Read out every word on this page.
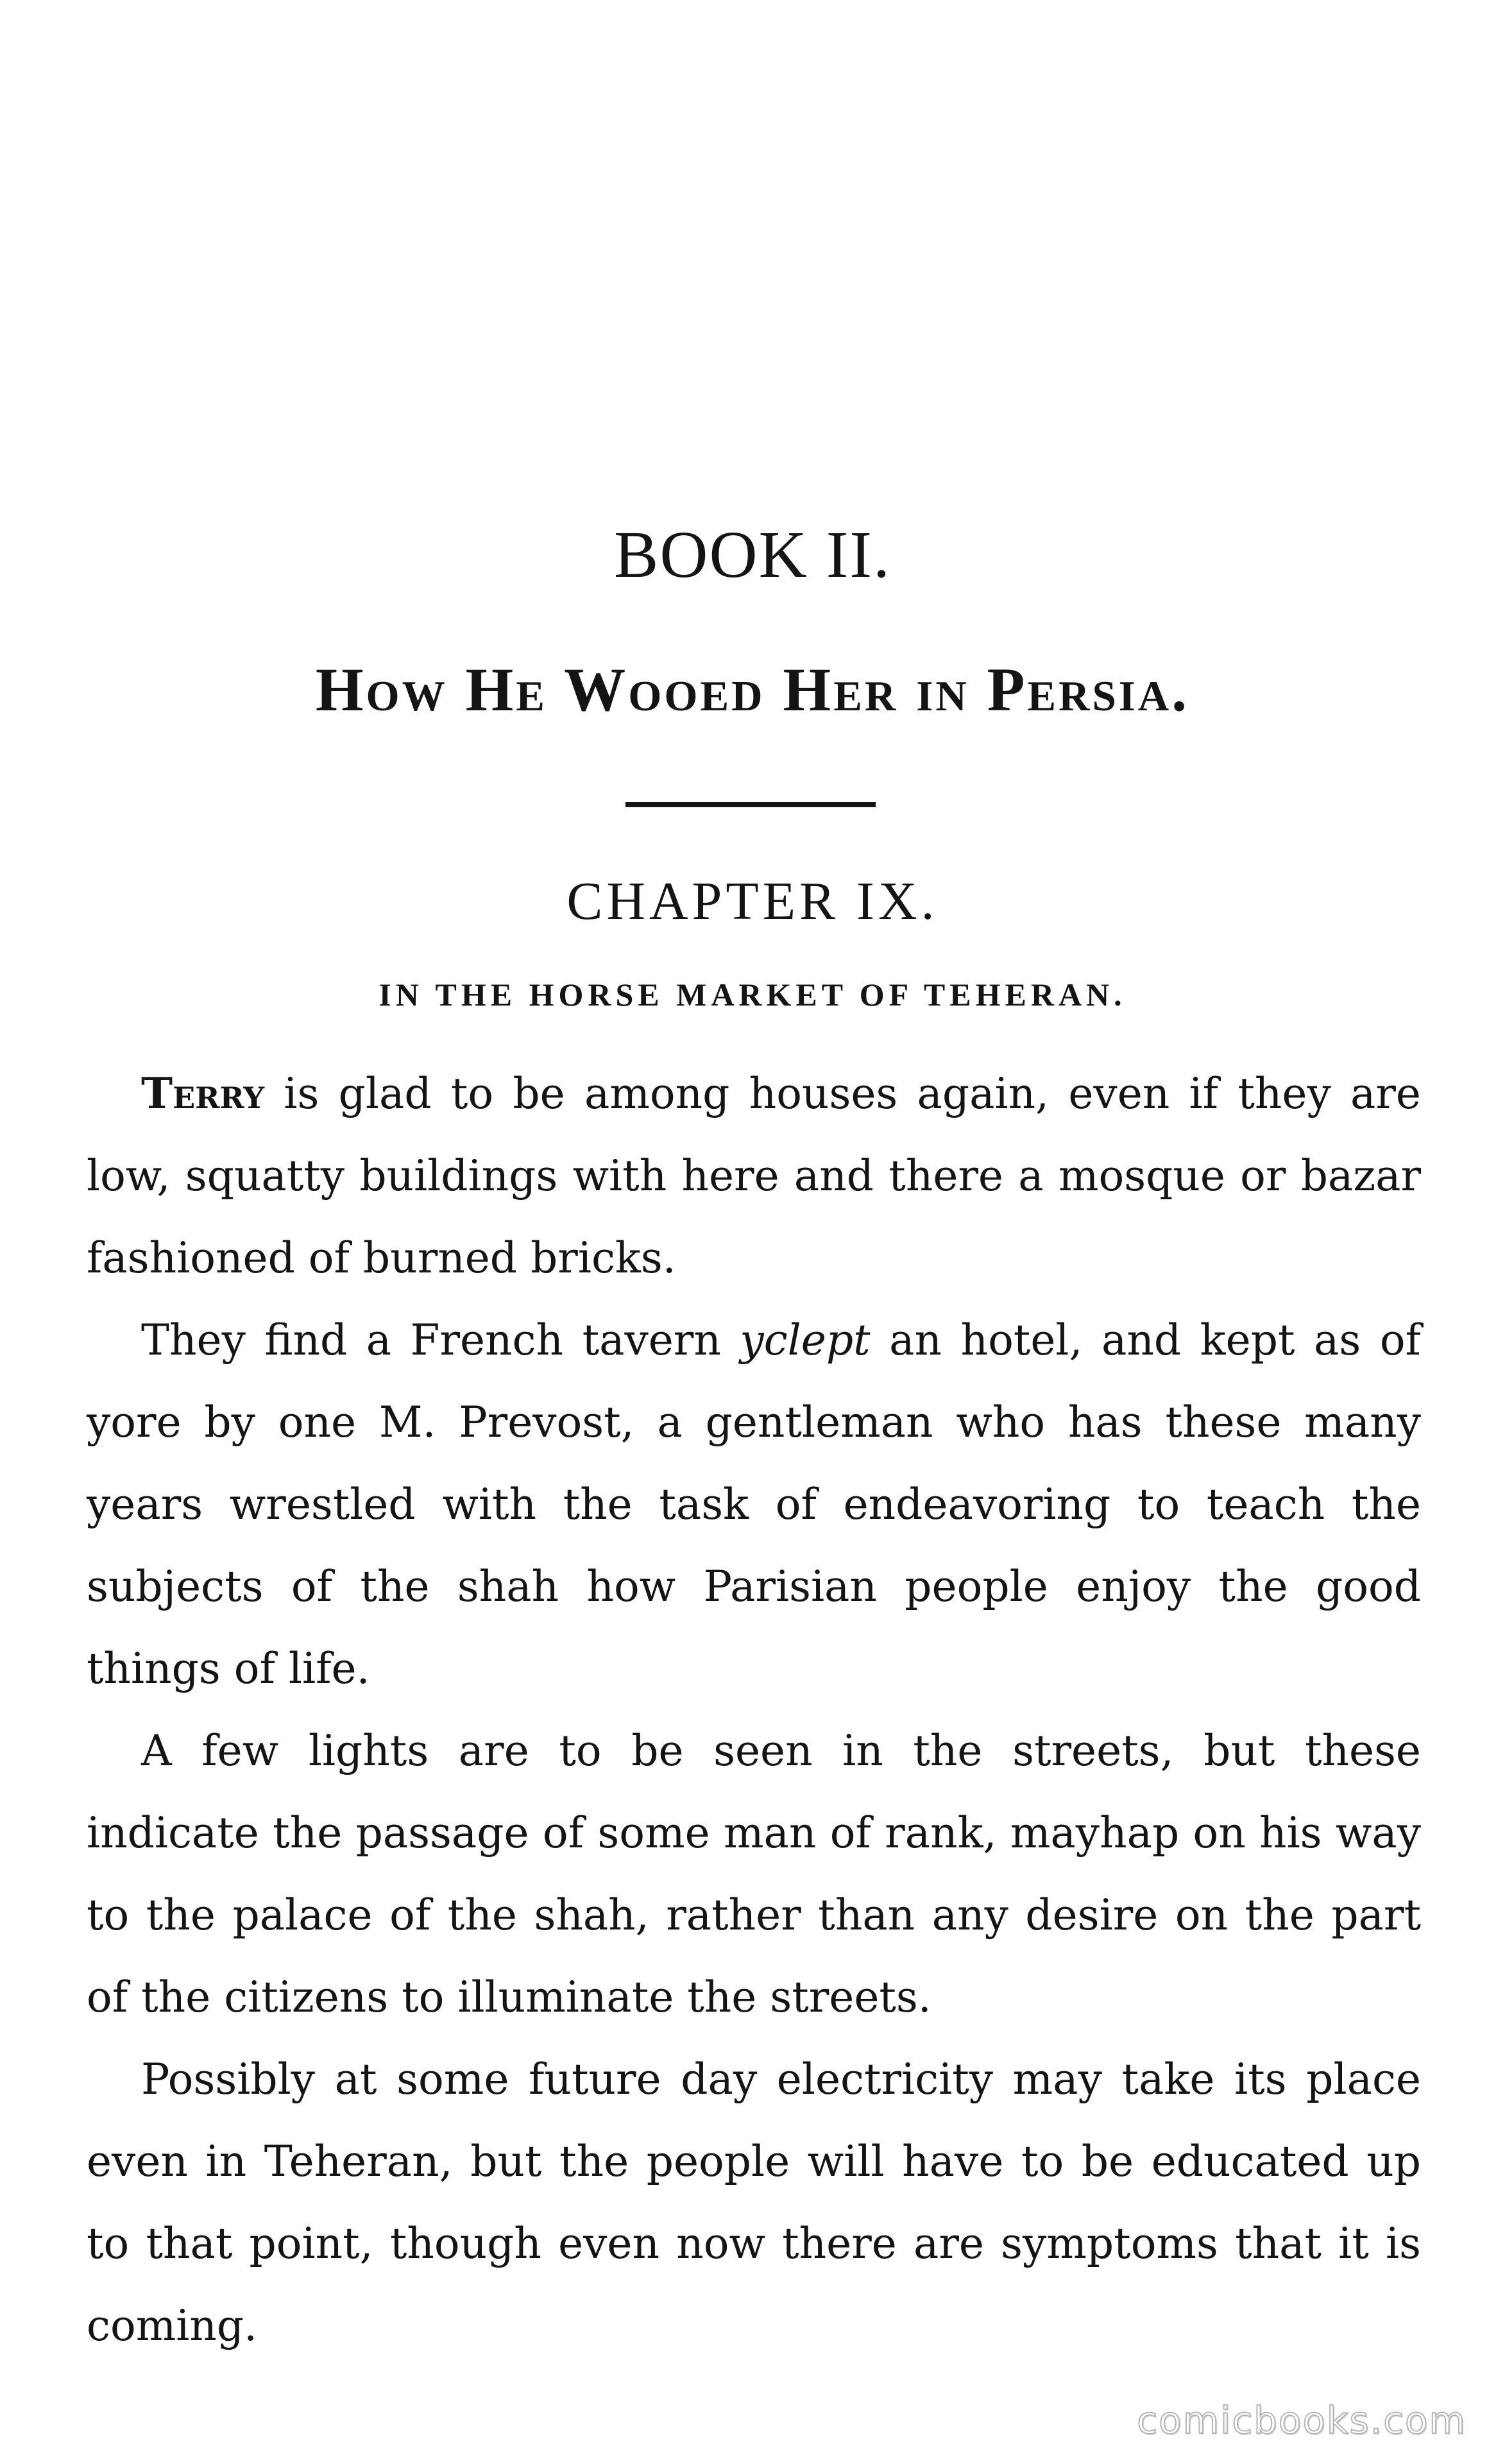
BOOK II.
How He Wooed Her in Persia.
CHAPTER IX.
IN THE HORSE MARKET OF TEHERAN.

Terry is glad to be among houses again, even if they are low, squatty buildings with here and there a mosque or bazar fashioned of burned bricks.

They find a French tavern yclept an hotel, and kept as of yore by one M. Prevost, a gentleman who has these many years wrestled with the task of endeavoring to teach the subjects of the shah how Parisian people enjoy the good things of life.

A few lights are to be seen in the streets, but these indicate the passage of some man of rank, mayhap on his way to the palace of the shah, rather than any desire on the part of the citizens to illuminate the streets.

Possibly at some future day electricity may take its place even in Teheran, but the people will have to be educated up to that point, though even now there are symptoms that it is coming.

comicbooks.com
